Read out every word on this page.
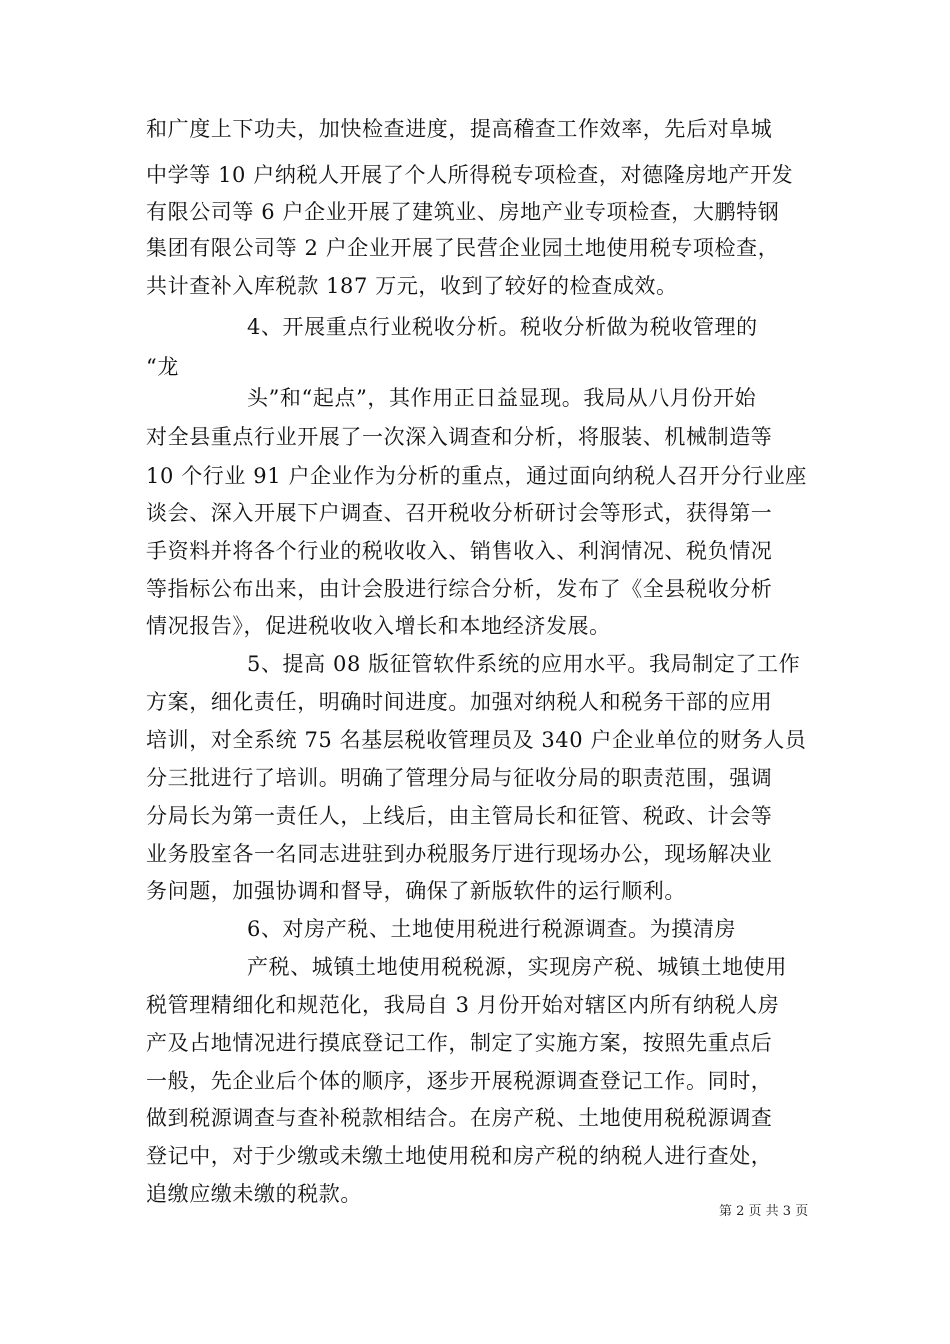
和广度上下功夫，加快检查进度，提高稽查工作效率，先后对阜城
中学等 10 户纳税人开展了个人所得税专项检查，对德隆房地产开发
有限公司等 6 户企业开展了建筑业、房地产业专项检查，大鹏特钢
集团有限公司等 2 户企业开展了民营企业园土地使用税专项检查，
共计查补入库税款 187 万元，收到了较好的检查成效。
4、开展重点行业税收分析。税收分析做为税收管理的
“龙
头”和“起点”，其作用正日益显现。我局从八月份开始
对全县重点行业开展了一次深入调查和分析，将服装、机械制造等
10 个行业 91 户企业作为分析的重点，通过面向纳税人召开分行业座
谈会、深入开展下户调查、召开税收分析研讨会等形式，获得第一
手资料并将各个行业的税收收入、销售收入、利润情况、税负情况
等指标公布出来，由计会股进行综合分析，发布了《全县税收分析
情况报告》，促进税收收入增长和本地经济发展。
5、提高 08 版征管软件系统的应用水平。我局制定了工作
方案，细化责任，明确时间进度。加强对纳税人和税务干部的应用
培训，对全系统 75 名基层税收管理员及 340 户企业单位的财务人员
分三批进行了培训。明确了管理分局与征收分局的职责范围，强调
分局长为第一责任人，上线后，由主管局长和征管、税政、计会等
业务股室各一名同志进驻到办税服务厅进行现场办公，现场解决业
务问题，加强协调和督导，确保了新版软件的运行顺利。
6、对房产税、土地使用税进行税源调查。为摸清房
产税、城镇土地使用税税源，实现房产税、城镇土地使用
税管理精细化和规范化，我局自 3 月份开始对辖区内所有纳税人房
产及占地情况进行摸底登记工作，制定了实施方案，按照先重点后
一般，先企业后个体的顺序，逐步开展税源调查登记工作。同时，
做到税源调查与查补税款相结合。在房产税、土地使用税税源调查
登记中，对于少缴或未缴土地使用税和房产税的纳税人进行查处，
追缴应缴未缴的税款。
第 2 页 共 3 页
